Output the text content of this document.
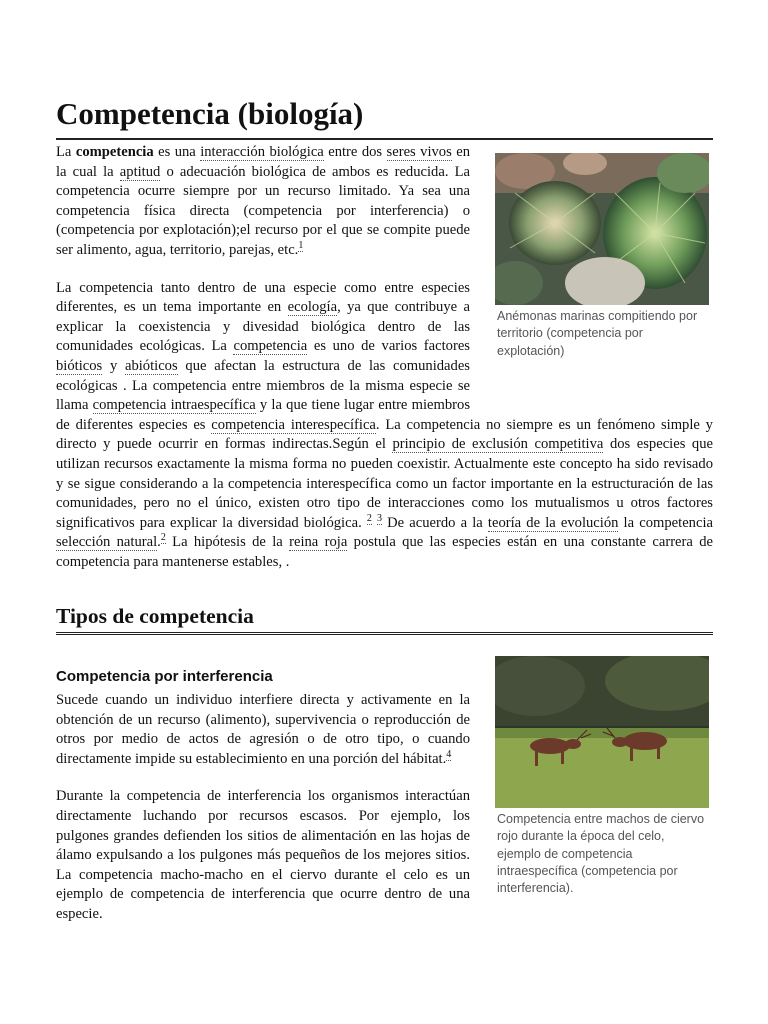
Competencia (biología)
Anémonas marinas compitiendo por territorio (competencia por explotación)
Competencia entre machos de ciervo rojo durante la época del celo, ejemplo de competencia intraespecífica (competencia por interferencia).

La competencia es una interacción biológica entre dos seres vivos en la cual la aptitud o adecuación biológica de ambos es reducida. La competencia ocurre siempre por un recurso limitado. Ya sea una competencia física directa (competencia por interferencia) o (competencia por explotación);el recurso por el que se compite puede ser alimento, agua, territorio, parejas, etc.$^1$

La competencia tanto dentro de una especie como entre especies diferentes, es un tema importante en ecología, ya que contribuye a explicar la coexistencia y divesidad biológica dentro de las comunidades ecológicas. La competencia es uno de varios factores bióticos y abióticos que afectan la estructura de las comunidades ecológicas . La competencia entre miembros de la misma especie se llama competencia intraespecífica y la que tiene lugar entre miembros de diferentes especies es competencia interespecífica. La competencia no siempre es un fenómeno simple y directo y puede ocurrir en formas indirectas.Según el principio de exclusión competitiva dos especies que utilizan recursos exactamente la misma forma no pueden coexistir. Actualmente este concepto ha sido revisado y se sigue considerando a la competencia interespecífica como un factor importante en la estructuración de las comunidades, pero no el único, existen otro tipo de interacciones como los mutualismos u otros factores significativos para explicar la diversidad biológica. $^2$ $^3$ De acuerdo a la teoría de la evolución la competencia selección natural.$^2$ La hipótesis de la reina roja postula que las especies están en una constante carrera de competencia para mantenerse estables, .

Tipos de competencia
Competencia por interferencia

Sucede cuando un individuo interfiere directa y activamente en la obtención de un recurso (alimento), supervivencia o reproducción de otros por medio de actos de agresión o de otro tipo, o cuando directamente impide su establecimiento en una porción del hábitat.$^4$

Durante la competencia de interferencia los organismos interactúan directamente luchando por recursos escasos. Por ejemplo, los pulgones grandes defienden los sitios de alimentación en las hojas de álamo expulsando a los pulgones más pequeños de los mejores sitios. La competencia macho-macho en el ciervo durante el celo es un ejemplo de competencia de interferencia que ocurre dentro de una especie.
